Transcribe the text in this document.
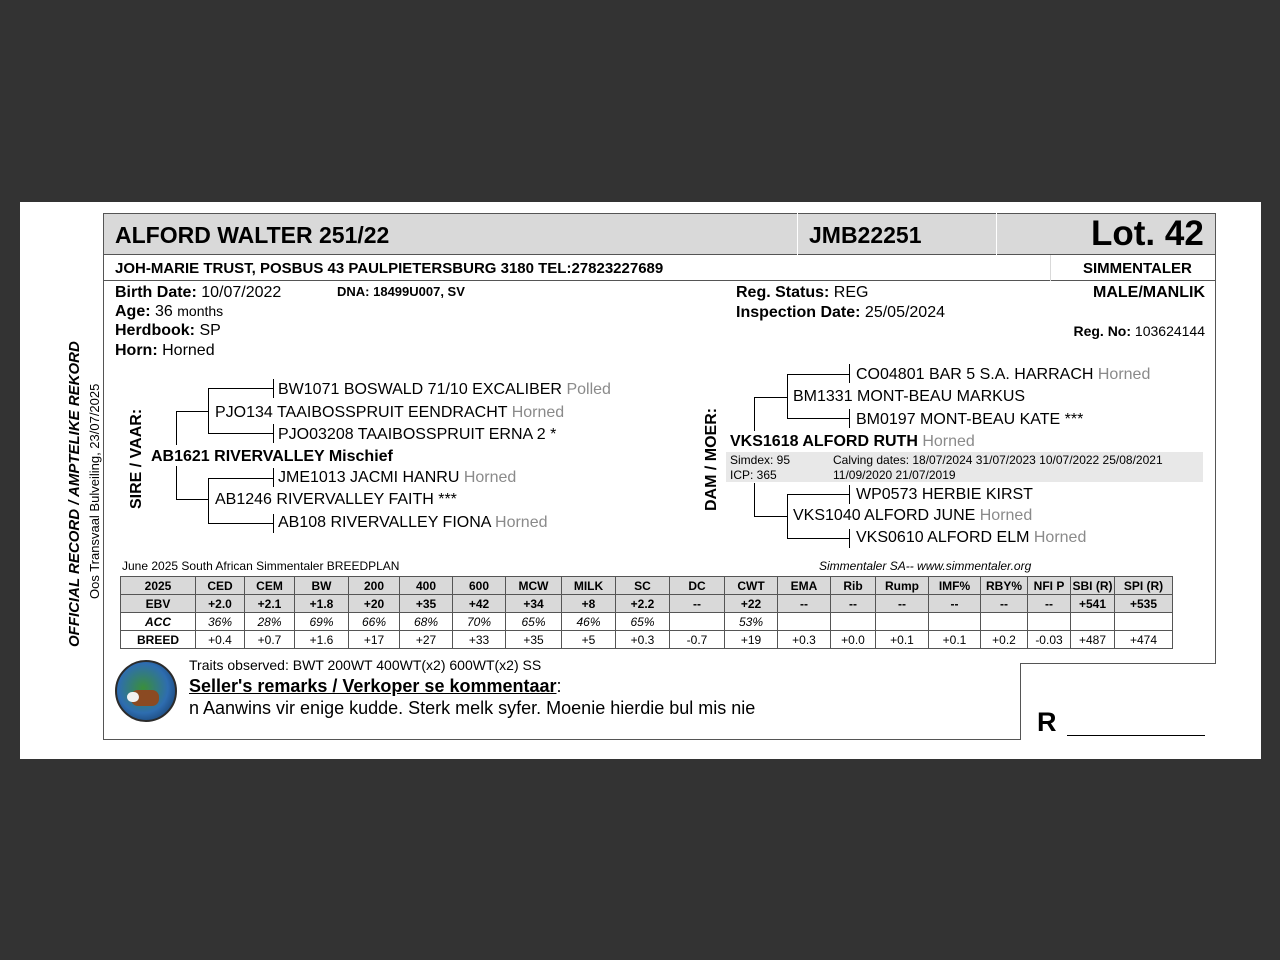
OFFICIAL RECORD / AMPTELIKE REKORD Oos Transvaal Bulveiling, 23/07/2025
ALFORD WALTER 251/22	JMB22251	Lot. 42
JOH-MARIE TRUST, POSBUS 43 PAULPIETERSBURG 3180 TEL:27823227689	SIMMENTALER
Birth Date: 10/07/2022	DNA: 18499U007, SV
Age: 36 months
Herdbook: SP
Horn: Horned
Reg. Status: REG
Inspection Date: 25/05/2024
MALE/MANLIK
Reg. No: 103624144
SIRE / VAAR:
BW1071 BOSWALD 71/10 EXCALIBER Polled
PJO134 TAAIBOSSPRUIT EENDRACHT Horned
PJO03208 TAAIBOSSPRUIT ERNA 2 *
AB1621 RIVERVALLEY Mischief
JME1013 JACMI HANRU Horned
AB1246 RIVERVALLEY FAITH ***
AB108 RIVERVALLEY FIONA Horned
DAM / MOER:
CO04801 BAR 5 S.A. HARRACH Horned
BM1331 MONT-BEAU MARKUS
BM0197 MONT-BEAU KATE ***
VKS1618 ALFORD RUTH Horned
Simdex: 95
ICP: 365
Calving dates: 18/07/2024 31/07/2023 10/07/2022 25/08/2021
11/09/2020 21/07/2019
WP0573 HERBIE KIRST
VKS1040 ALFORD JUNE Horned
VKS0610 ALFORD ELM Horned
June 2025 South African Simmentaler BREEDPLAN	Simmentaler SA-- www.simmentaler.org
2025	CED	CEM	BW	200	400	600	MCW	MILK	SC	DC	CWT	EMA	Rib	Rump	IMF%	RBY%	NFI P	SBI (R)	SPI (R)
EBV	+2.0	+2.1	+1.8	+20	+35	+42	+34	+8	+2.2	--	+22	--	--	--	--	--	--	+541	+535
ACC	36%	28%	69%	66%	68%	70%	65%	46%	65%		53%								
BREED	+0.4	+0.7	+1.6	+17	+27	+33	+35	+5	+0.3	-0.7	+19	+0.3	+0.0	+0.1	+0.1	+0.2	-0.03	+487	+474
Traits observed: BWT 200WT 400WT(x2) 600WT(x2) SS
Seller's remarks / Verkoper se kommentaar:
n Aanwins vir enige kudde. Sterk melk syfer. Moenie hierdie bul mis nie	R
